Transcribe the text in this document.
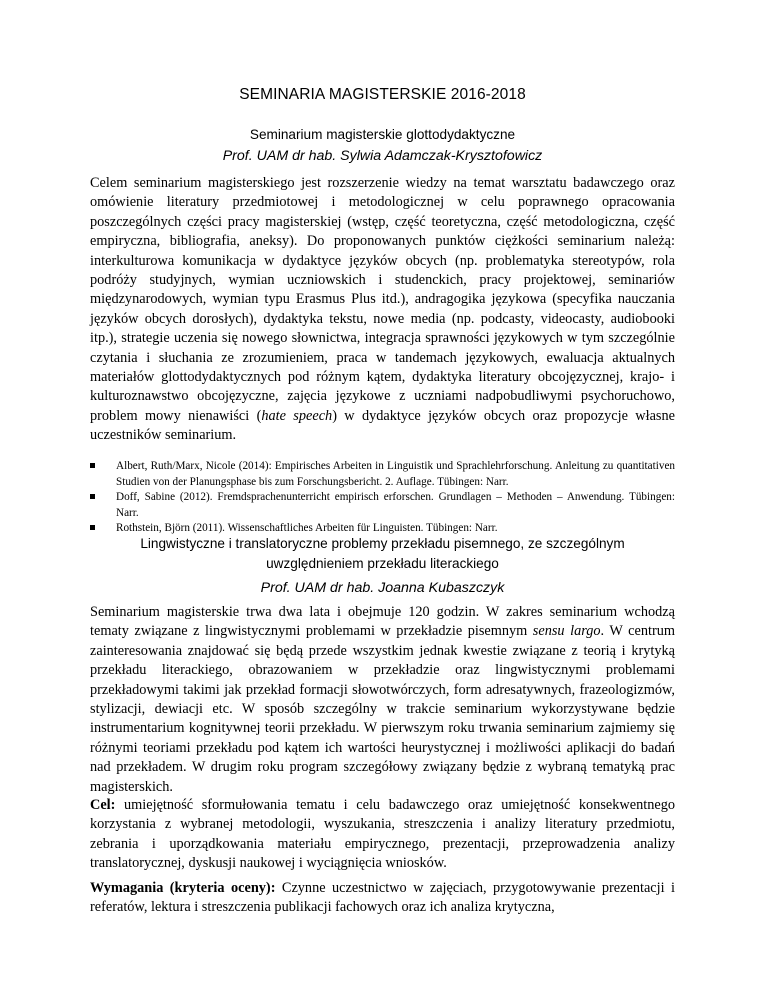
SEMINARIA MAGISTERSKIE 2016-2018
Seminarium magisterskie glottodydaktyczne
Prof. UAM dr hab. Sylwia Adamczak-Krysztofowicz
Celem seminarium magisterskiego jest rozszerzenie wiedzy na temat warsztatu badawczego oraz omówienie literatury przedmiotowej i metodologicznej w celu poprawnego opracowania poszczególnych części pracy magisterskiej (wstęp, część teoretyczna, część metodologiczna, część empiryczna, bibliografia, aneksy). Do proponowanych punktów ciężkości seminarium należą: interkulturowa komunikacja w dydaktyce języków obcych (np. problematyka stereotypów, rola podróży studyjnych, wymian uczniowskich i studenckich, pracy projektowej, seminariów międzynarodowych, wymian typu Erasmus Plus itd.), andragogika językowa (specyfika nauczania języków obcych dorosłych), dydaktyka tekstu, nowe media (np. podcasty, videocasty, audiobooki itp.), strategie uczenia się nowego słownictwa, integracja sprawności językowych w tym szczególnie czytania i słuchania ze zrozumieniem, praca w tandemach językowych, ewaluacja aktualnych materiałów glottodydaktycznych pod różnym kątem, dydaktyka literatury obcojęzycznej, krajo- i kulturoznawstwo obcojęzyczne, zajęcia językowe z uczniami nadpobudliwymi psychoruchowo, problem mowy nienawiści (hate speech) w dydaktyce języków obcych oraz propozycje własne uczestników seminarium.
Albert, Ruth/Marx, Nicole (2014): Empirisches Arbeiten in Linguistik und Sprachlehrforschung. Anleitung zu quantitativen Studien von der Planungsphase bis zum Forschungsbericht. 2. Auflage. Tübingen: Narr.
Doff, Sabine (2012). Fremdsprachenunterricht empirisch erforschen. Grundlagen – Methoden – Anwendung. Tübingen: Narr.
Rothstein, Björn (2011). Wissenschaftliches Arbeiten für Linguisten. Tübingen: Narr.
Lingwistyczne i translatoryczne problemy przekładu pisemnego, ze szczególnym
uwzględnieniem przekładu literackiego
Prof. UAM dr hab. Joanna Kubaszczyk
Seminarium magisterskie trwa dwa lata i obejmuje 120 godzin. W zakres seminarium wchodzą tematy związane z lingwistycznymi problemami w przekładzie pisemnym sensu largo. W centrum zainteresowania znajdować się będą przede wszystkim jednak kwestie związane z teorią i krytyką przekładu literackiego, obrazowaniem w przekładzie oraz lingwistycznymi problemami przekładowymi takimi jak przekład formacji słowotwórczych, form adresatywnych, frazeologizmów, stylizacji, dewiacji etc. W sposób szczególny w trakcie seminarium wykorzystywane będzie instrumentarium kognitywnej teorii przekładu. W pierwszym roku trwania seminarium zajmiemy się różnymi teoriami przekładu pod kątem ich wartości heurystycznej i możliwości aplikacji do badań nad przekładem. W drugim roku program szczegółowy związany będzie z wybraną tematyką prac magisterskich.
Cel: umiejętność sformułowania tematu i celu badawczego oraz umiejętność konsekwentnego korzystania z wybranej metodologii, wyszukania, streszczenia i analizy literatury przedmiotu, zebrania i uporządkowania materiału empirycznego, prezentacji, przeprowadzenia analizy translatorycznej, dyskusji naukowej i wyciągnięcia wniosków.
Wymagania (kryteria oceny): Czynne uczestnictwo w zajęciach, przygotowywanie prezentacji i referatów, lektura i streszczenia publikacji fachowych oraz ich analiza krytyczna,
